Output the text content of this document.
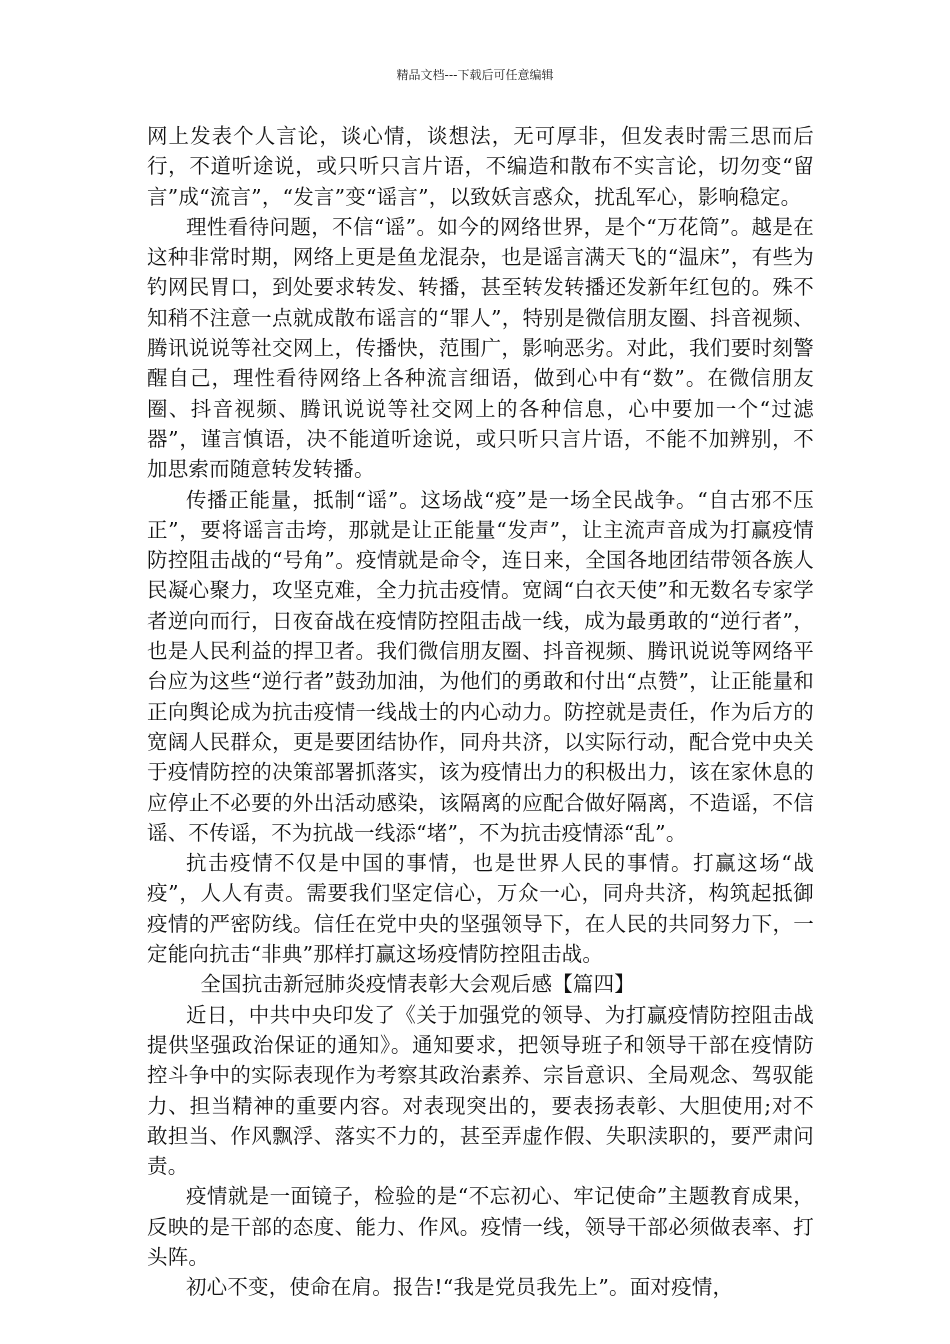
精品文档---下载后可任意编辑

网上发表个人言论，谈心情，谈想法，无可厚非，但发表时需三思而后行，不道听途说，或只听只言片语，不编造和散布不实言论，切勿变“留言”成“流言”，“发言”变“谣言”，以致妖言惑众，扰乱军心，影响稳定。

理性看待问题，不信“谣”。如今的网络世界，是个“万花筒”。越是在这种非常时期，网络上更是鱼龙混杂，也是谣言满天飞的“温床”，有些为钓网民胃口，到处要求转发、转播，甚至转发转播还发新年红包的。殊不知稍不注意一点就成散布谣言的“罪人”，特别是微信朋友圈、抖音视频、腾讯说说等社交网上，传播快，范围广，影响恶劣。对此，我们要时刻警醒自己，理性看待网络上各种流言细语，做到心中有“数”。在微信朋友圈、抖音视频、腾讯说说等社交网上的各种信息，心中要加一个“过滤器”，谨言慎语，决不能道听途说，或只听只言片语，不能不加辨别，不加思索而随意转发转播。

传播正能量，抵制“谣”。这场战“疫”是一场全民战争。“自古邪不压正”，要将谣言击垮，那就是让正能量“发声”，让主流声音成为打赢疫情防控阻击战的“号角”。疫情就是命令，连日来，全国各地团结带领各族人民凝心聚力，攻坚克难，全力抗击疫情。宽阔“白衣天使”和无数名专家学者逆向而行，日夜奋战在疫情防控阻击战一线，成为最勇敢的“逆行者”，也是人民利益的捍卫者。我们微信朋友圈、抖音视频、腾讯说说等网络平台应为这些“逆行者”鼓劲加油，为他们的勇敢和付出“点赞”，让正能量和正向舆论成为抗击疫情一线战士的内心动力。防控就是责任，作为后方的宽阔人民群众，更是要团结协作，同舟共济，以实际行动，配合党中央关于疫情防控的决策部署抓落实，该为疫情出力的积极出力，该在家休息的应停止不必要的外出活动感染，该隔离的应配合做好隔离，不造谣，不信谣、不传谣，不为抗战一线添“堵”，不为抗击疫情添“乱”。

抗击疫情不仅是中国的事情，也是世界人民的事情。打赢这场“战疫”，人人有责。需要我们坚定信心，万众一心，同舟共济，构筑起抵御疫情的严密防线。信任在党中央的坚强领导下，在人民的共同努力下，一定能向抗击“非典”那样打赢这场疫情防控阻击战。

全国抗击新冠肺炎疫情表彰大会观后感【篇四】

近日，中共中央印发了《关于加强党的领导、为打赢疫情防控阻击战提供坚强政治保证的通知》。通知要求，把领导班子和领导干部在疫情防控斗争中的实际表现作为考察其政治素养、宗旨意识、全局观念、驾驭能力、担当精神的重要内容。对表现突出的，要表扬表彰、大胆使用;对不敢担当、作风飘浮、落实不力的，甚至弄虚作假、失职渎职的，要严肃问责。

疫情就是一面镜子，检验的是“不忘初心、牢记使命”主题教育成果，反映的是干部的态度、能力、作风。疫情一线，领导干部必须做表率、打头阵。

初心不变，使命在肩。报告!“我是党员我先上”。面对疫情，
